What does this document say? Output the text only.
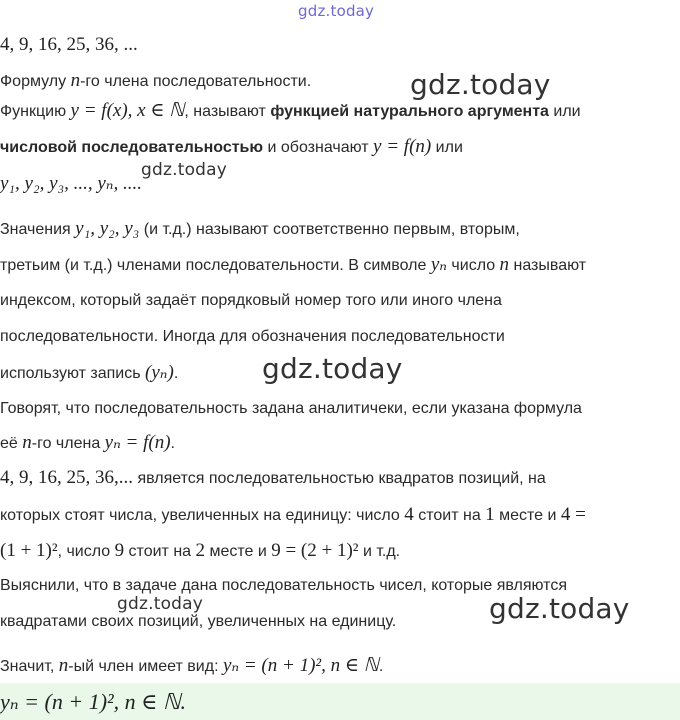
gdz.today
gdz.today
gdz.today
gdz.today
gdz.today	gdz.today
4, 9, 16, 25, 36, ...
Формулу n-го члена последовательности.
Функцию y = f(x), x ∈ ℕ, называют функцией натурального аргумента или
числовой последовательностью и обозначают y = f(n) или
y₁, y₂, y₃, ..., yₙ, ....
Значения y₁, y₂, y₃ (и т.д.) называют соответственно первым, вторым,
третьим (и т.д.) членами последовательности. В символе yₙ число n называют
индексом, который задаёт порядковый номер того или иного члена
последовательности. Иногда для обозначения последовательности
используют запись (yₙ).
Говорят, что последовательность задана аналитичеки, если указана формула
её n-го члена yₙ = f(n).
4, 9, 16, 25, 36,... является последовательностью квадратов позиций, на
которых стоят числа, увеличенных на единицу: число 4 стоит на 1 месте и 4 =
(1 + 1)², число 9 стоит на 2 месте и 9 = (2 + 1)² и т.д.
Выяснили, что в задаче дана последовательность чисел, которые являются
квадратами своих позиций, увеличенных на единицу.
Значит, n-ый член имеет вид: yₙ = (n + 1)², n ∈ ℕ.
yₙ = (n + 1)², n ∈ ℕ.
